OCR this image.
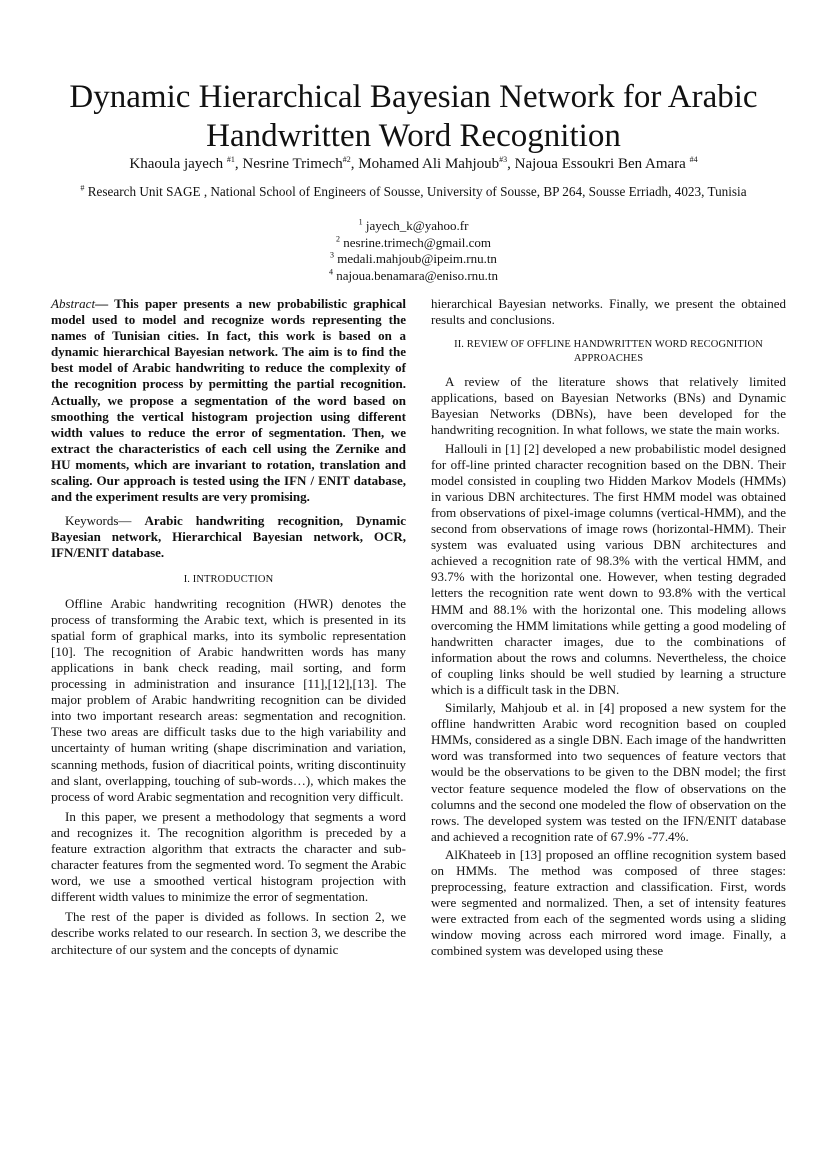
Dynamic Hierarchical Bayesian Network for Arabic
Handwritten Word Recognition
Khaoula jayech $^{\#1}$, Nesrine Trimech$^{\#2}$, Mohamed Ali Mahjoub$^{\#3}$, Najoua Essoukri Ben Amara $^{\#4}$
# Research Unit SAGE , National School of Engineers of Sousse, University of Sousse, BP 264, Sousse Erriadh, 4023, Tunisia
$^1$ jayech_k@yahoo.fr
$^2$ nesrine.trimech@gmail.com
$^3$ medali.mahjoub@ipeim.rnu.tn
$^4$ najoua.benamara@eniso.rnu.tn

Abstract— This paper presents a new probabilistic graphical model used to model and recognize words representing the names of Tunisian cities. In fact, this work is based on a dynamic hierarchical Bayesian network. The aim is to find the best model of Arabic handwriting to reduce the complexity of the recognition process by permitting the partial recognition. Actually, we propose a segmentation of the word based on smoothing the vertical histogram projection using different width values to reduce the error of segmentation. Then, we extract the characteristics of each cell using the Zernike and HU moments, which are invariant to rotation, translation and scaling. Our approach is tested using the IFN / ENIT database, and the experiment results are very promising.

Keywords— Arabic handwriting recognition, Dynamic Bayesian network, Hierarchical Bayesian network, OCR, IFN/ENIT database.

I. INTRODUCTION

Offline Arabic handwriting recognition (HWR) denotes the process of transforming the Arabic text, which is presented in its spatial form of graphical marks, into its symbolic representation [10]. The recognition of Arabic handwritten words has many applications in bank check reading, mail sorting, and form processing in administration and insurance [11],[12],[13]. The major problem of Arabic handwriting recognition can be divided into two important research areas: segmentation and recognition. These two areas are difficult tasks due to the high variability and uncertainty of human writing (shape discrimination and variation, scanning methods, fusion of diacritical points, writing discontinuity and slant, overlapping, touching of sub-words…), which makes the process of word Arabic segmentation and recognition very difficult.

In this paper, we present a methodology that segments a word and recognizes it. The recognition algorithm is preceded by a feature extraction algorithm that extracts the character and sub-character features from the segmented word. To segment the Arabic word, we use a smoothed vertical histogram projection with different width values to minimize the error of segmentation.

The rest of the paper is divided as follows. In section 2, we describe works related to our research. In section 3, we describe the architecture of our system and the concepts of dynamic

hierarchical Bayesian networks. Finally, we present the obtained results and conclusions.

II. REVIEW OF OFFLINE HANDWRITTEN WORD RECOGNITION
APPROACHES

A review of the literature shows that relatively limited applications, based on Bayesian Networks (BNs) and Dynamic Bayesian Networks (DBNs), have been developed for the handwriting recognition. In what follows, we state the main works.

Hallouli in [1] [2] developed a new probabilistic model designed for off-line printed character recognition based on the DBN. Their model consisted in coupling two Hidden Markov Models (HMMs) in various DBN architectures. The first HMM model was obtained from observations of pixel-image columns (vertical-HMM), and the second from observations of image rows (horizontal-HMM). Their system was evaluated using various DBN architectures and achieved a recognition rate of 98.3% with the vertical HMM, and 93.7% with the horizontal one. However, when testing degraded letters the recognition rate went down to 93.8% with the vertical HMM and 88.1% with the horizontal one. This modeling allows overcoming the HMM limitations while getting a good modeling of handwritten character images, due to the combinations of information about the rows and columns. Nevertheless, the choice of coupling links should be well studied by learning a structure which is a difficult task in the DBN.

Similarly, Mahjoub et al. in [4] proposed a new system for the offline handwritten Arabic word recognition based on coupled HMMs, considered as a single DBN. Each image of the handwritten word was transformed into two sequences of feature vectors that would be the observations to be given to the DBN model; the first vector feature sequence modeled the flow of observations on the columns and the second one modeled the flow of observation on the rows. The developed system was tested on the IFN/ENIT database and achieved a recognition rate of 67.9% -77.4%.

AlKhateeb in [13] proposed an offline recognition system based on HMMs. The method was composed of three stages: preprocessing, feature extraction and classification. First, words were segmented and normalized. Then, a set of intensity features were extracted from each of the segmented words using a sliding window moving across each mirrored word image. Finally, a combined system was developed using these
